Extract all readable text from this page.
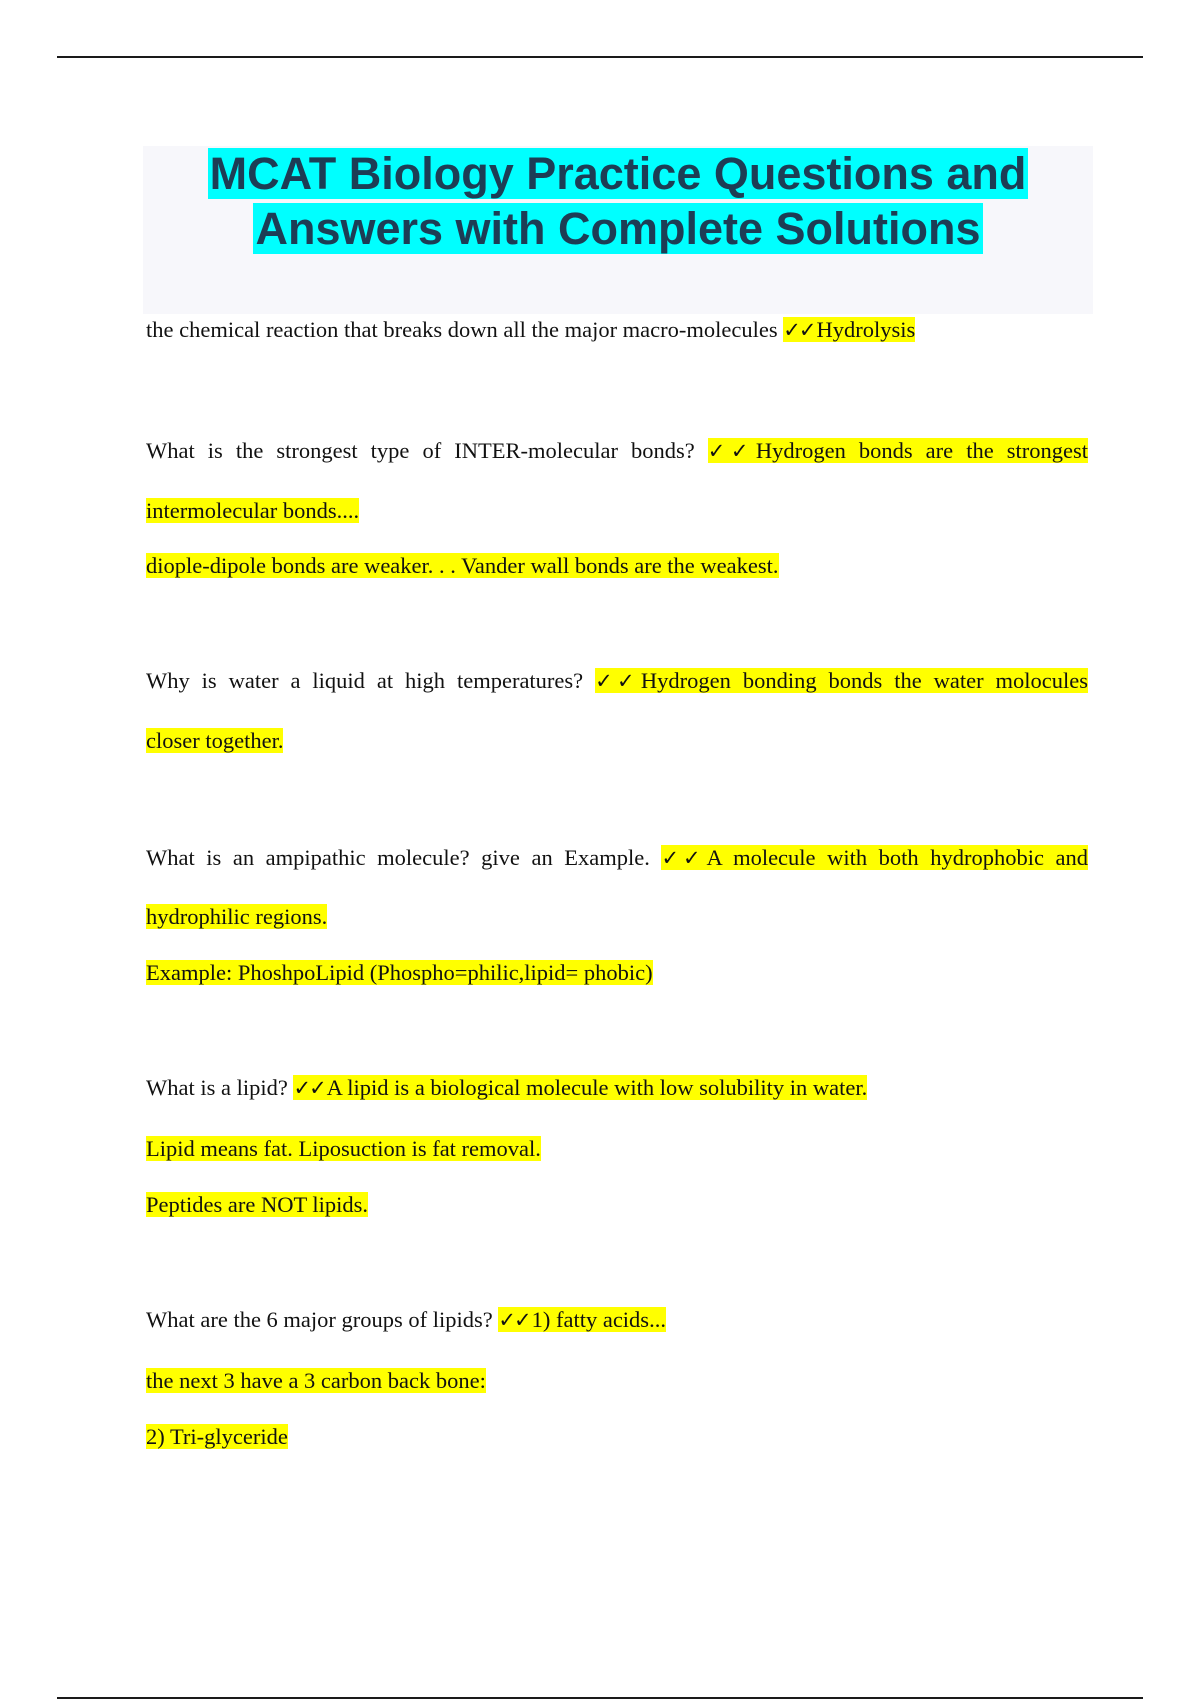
MCAT Biology Practice Questions and
Answers with Complete Solutions

the chemical reaction that breaks down all the major macro-molecules ✓✓Hydrolysis

What is the strongest type of INTER-molecular bonds? ✓✓Hydrogen bonds are the strongest

intermolecular bonds....

diople-dipole bonds are weaker. . . Vander wall bonds are the weakest.

Why is water a liquid at high temperatures? ✓✓Hydrogen bonding bonds the water molocules

closer together.

What is an ampipathic molecule? give an Example. ✓✓A molecule with both hydrophobic and

hydrophilic regions.

Example: PhoshpoLipid (Phospho=philic,lipid= phobic)

What is a lipid? ✓✓A lipid is a biological molecule with low solubility in water.

Lipid means fat. Liposuction is fat removal.

Peptides are NOT lipids.

What are the 6 major groups of lipids? ✓✓1) fatty acids...

the next 3 have a 3 carbon back bone:

2) Tri-glyceride
